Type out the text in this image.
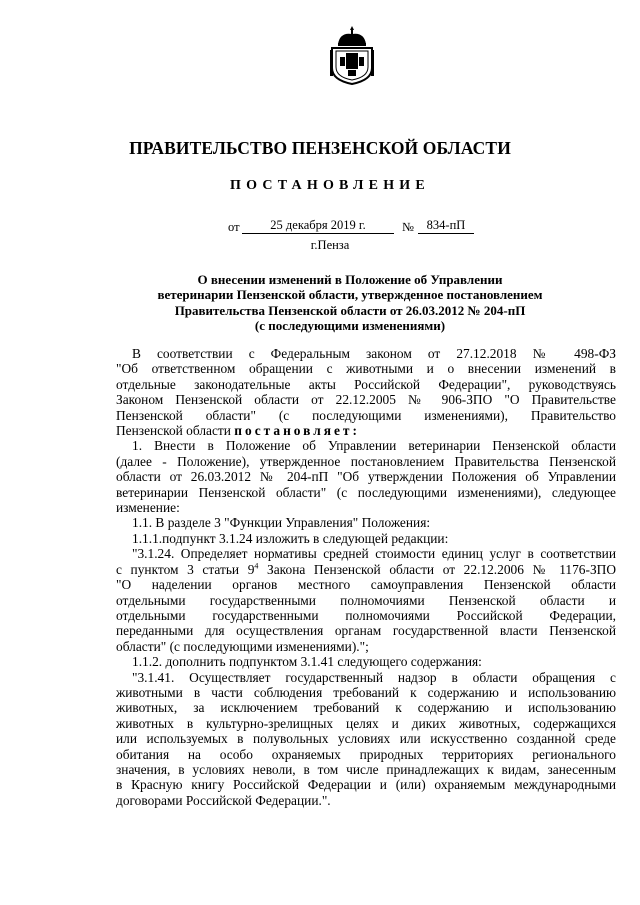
ПРАВИТЕЛЬСТВО ПЕНЗЕНСКОЙ ОБЛАСТИ
ПОСТАНОВЛЕНИЕ
от	25 декабря 2019 г.	№	834-пП
г.Пенза
О внесении изменений в Положение об Управлении
ветеринарии Пензенской области, утвержденное постановлением
Правительства Пензенской области от 26.03.2012 № 204-пП
(с последующими изменениями)

В соответствии с Федеральным законом от 27.12.2018 № 498-ФЗ

"Об ответственном обращении с животными и о внесении изменений в

отдельные законодательные акты Российской Федерации", руководствуясь

Законом Пензенской области от 22.12.2005 № 906-ЗПО "О Правительстве

Пензенской области" (с последующими изменениями), Правительство

Пензенской области постановляет:

1. Внести в Положение об Управлении ветеринарии Пензенской области

(далее - Положение), утвержденное постановлением Правительства Пензенской

области от 26.03.2012 № 204-пП "Об утверждении Положения об Управлении

ветеринарии Пензенской области" (с последующими изменениями), следующее

изменение:

1.1. В разделе 3 "Функции Управления" Положения:

1.1.1.подпункт 3.1.24 изложить в следующей редакции:

"3.1.24. Определяет нормативы средней стоимости единиц услуг в соответствии

с пунктом 3 статьи $9^4$ Закона Пензенской области от 22.12.2006 № 1176-ЗПО

"О наделении органов местного самоуправления Пензенской области

отдельными государственными полномочиями Пензенской области и

отдельными государственными полномочиями Российской Федерации,

переданными для осуществления органам государственной власти Пензенской

области" (с последующими изменениями).";

1.1.2. дополнить подпунктом 3.1.41 следующего содержания:

"3.1.41. Осуществляет государственный надзор в области обращения с

животными в части соблюдения требований к содержанию и использованию

животных, за исключением требований к содержанию и использованию

животных в культурно-зрелищных целях и диких животных, содержащихся

или используемых в полувольных условиях или искусственно созданной среде

обитания на особо охраняемых природных территориях регионального

значения, в условиях неволи, в том числе принадлежащих к видам, занесенным

в Красную книгу Российской Федерации и (или) охраняемым международными

договорами Российской Федерации.".
